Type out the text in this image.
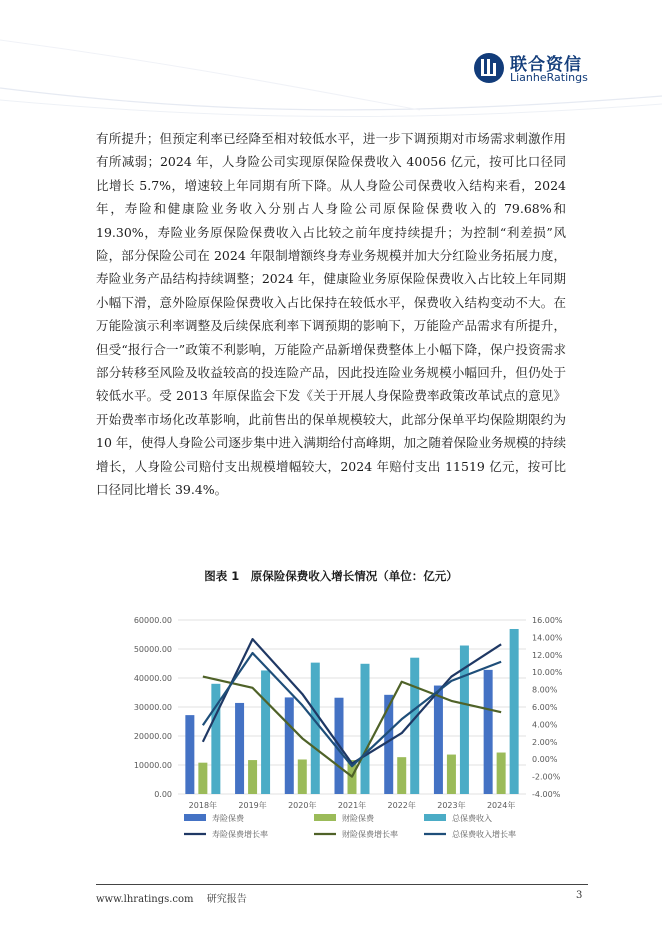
联合资信
LianheRatings

有所提升；但预定利率已经降至相对较低水平，进一步下调预期对市场需求刺激作用有所减弱；2024 年，人身险公司实现原保险保费收入 40056 亿元，按可比口径同比增长 5.7%，增速较上年同期有所下降。从人身险公司保费收入结构来看，2024 年，寿险和健康险业务收入分别占人身险公司原保险保费收入的 79.68%和 19.30%，寿险业务原保险保费收入占比较之前年度持续提升；为控制“利差损”风险，部分保险公司在 2024 年限制增额终身寿业务规模并加大分红险业务拓展力度，寿险业务产品结构持续调整；2024 年，健康险业务原保险保费收入占比较上年同期小幅下滑，意外险原保险保费收入占比保持在较低水平，保费收入结构变动不大。在万能险演示利率调整及后续保底利率下调预期的影响下，万能险产品需求有所提升，但受“报行合一”政策不利影响，万能险产品新增保费整体上小幅下降，保户投资需求部分转移至风险及收益较高的投连险产品，因此投连险业务规模小幅回升，但仍处于较低水平。受 2013 年原保监会下发《关于开展人身保险费率政策改革试点的意见》开始费率市场化改革影响，此前售出的保单规模较大，此部分保单平均保险期限约为 10 年，使得人身险公司逐步集中进入满期给付高峰期，加之随着保险业务规模的持续增长，人身险公司赔付支出规模增幅较大，2024 年赔付支出 11519 亿元，按可比口径同比增长 39.4%。

图表 1　原保险保费收入增长情况（单位：亿元）
0.00
10000.00
20000.00
30000.00
40000.00
50000.00
60000.00
-4.00%
-2.00%
0.00%
2.00%
4.00%
6.00%
8.00%
10.00%
12.00%
14.00%
16.00%
2018年	2019年	2020年	2021年	2022年	2023年	2024年
寿险保费	财险保费	总保费收入
寿险保费增长率	财险保费增长率	总保费收入增长率
www.lhratings.com 研究报告	3
